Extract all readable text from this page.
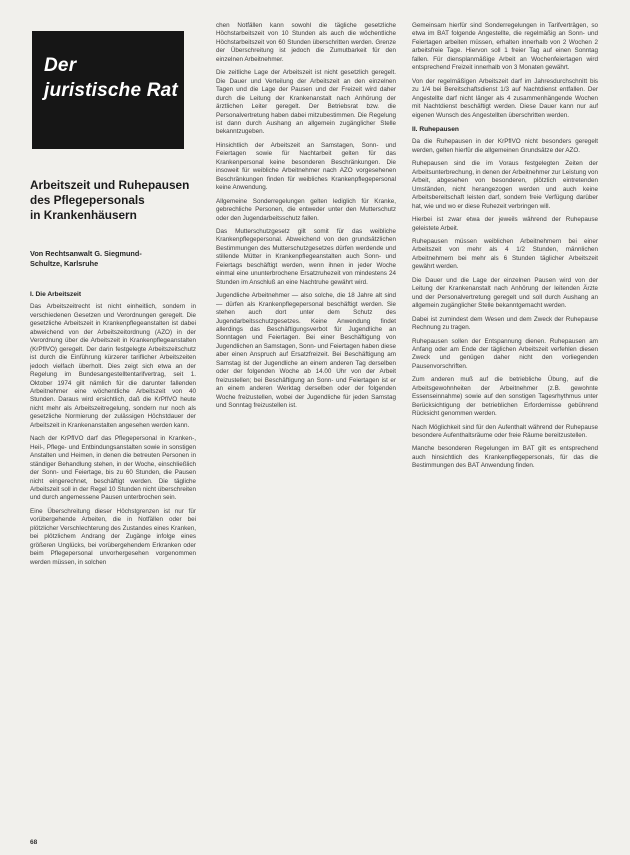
Der
juristische Rat
Arbeitszeit und Ruhepausen
des Pflegepersonals
in Krankenhäusern
Von Rechtsanwalt G. Siegmund-
Schultze, Karlsruhe
I. Die Arbeitszeit

Das Arbeitszeitrecht ist nicht einheitlich, sondern in verschiedenen Gesetzen und Verordnungen geregelt. Die gesetzliche Arbeitszeit in Krankenpflegeanstalten ist dabei abweichend von der Arbeitszeitordnung (AZO) in der Verordnung über die Arbeitszeit in Krankenpflegeanstalten (KrPflVO) geregelt. Der darin festgelegte Arbeitszeitschutz ist durch die Einführung kürzerer tariflicher Arbeitszeiten jedoch vielfach überholt. Dies zeigt sich etwa an der Regelung im Bundesangestelltentarifvertrag, seit 1. Oktober 1974 gilt nämlich für die darunter fallenden Arbeitnehmer eine wöchentliche Arbeitszeit von 40 Stunden. Daraus wird ersichtlich, daß die KrPflVO heute nicht mehr als Arbeitszeitregelung, sondern nur noch als gesetzliche Normierung der zulässigen Höchstdauer der Arbeitszeit in Krankenanstalten angesehen werden kann.

Nach der KrPflVO darf das Pflegepersonal in Kranken-, Heil-, Pflege- und Entbindungsanstalten sowie in sonstigen Anstalten und Heimen, in denen die betreuten Personen in ständiger Behandlung stehen, in der Woche, einschließlich der Sonn- und Feiertage, bis zu 60 Stunden, die Pausen nicht eingerechnet, beschäftigt werden. Die tägliche Arbeitszeit soll in der Regel 10 Stunden nicht überschreiten und durch angemessene Pausen unterbrochen sein.

Eine Überschreitung dieser Höchstgrenzen ist nur für vorübergehende Arbeiten, die in Notfällen oder bei plötzlicher Verschlechterung des Zustandes eines Kranken, bei plötzlichem Andrang der Zugänge infolge eines größeren Unglücks, bei vorübergehendem Erkranken oder beim Pflegepersonal unvorhergesehen vorgenommen werden müssen, in solchen

chen Notfällen kann sowohl die tägliche gesetzliche Höchstarbeitszeit von 10 Stunden als auch die wöchentliche Höchstarbeitszeit von 60 Stunden überschritten werden. Grenze der Überschreitung ist jedoch die Zumutbarkeit für den einzelnen Arbeitnehmer.

Die zeitliche Lage der Arbeitszeit ist nicht gesetzlich geregelt. Die Dauer und Verteilung der Arbeitszeit an den einzelnen Tagen und die Lage der Pausen und der Freizeit wird daher durch die Leitung der Krankenanstalt nach Anhörung der ärztlichen Leiter geregelt. Der Betriebsrat bzw. die Personalvertretung haben dabei mitzubestimmen. Die Regelung ist dann durch Aushang an allgemein zugänglicher Stelle bekanntzugeben.

Hinsichtlich der Arbeitszeit an Samstagen, Sonn- und Feiertagen sowie für Nachtarbeit gelten für das Krankenpersonal keine besonderen Beschränkungen. Die insoweit für weibliche Arbeitnehmer nach AZO vorgesehenen Beschränkungen finden für weibliches Krankenpflegepersonal keine Anwendung.

Allgemeine Sonderregelungen gelten lediglich für Kranke, gebrechliche Personen, die entweder unter den Mutterschutz oder den Jugendarbeitsschutz fallen.

Das Mutterschutzgesetz gilt somit für das weibliche Krankenpflegepersonal. Abweichend von den grundsätzlichen Bestimmungen des Mutterschutzgesetzes dürfen werdende und stillende Mütter in Krankenpflegeanstalten auch Sonn- und Feiertags beschäftigt werden, wenn ihnen in jeder Woche einmal eine ununterbrochene Ersatzruhezeit von mindestens 24 Stunden im Anschluß an eine Nachtruhe gewährt wird.

Jugendliche Arbeitnehmer — also solche, die 18 Jahre alt sind — dürfen als Krankenpflegepersonal beschäftigt werden. Sie stehen auch dort unter dem Schutz des Jugendarbeitsschutzgesetzes. Keine Anwendung findet allerdings das Beschäftigungsverbot für Jugendliche an Sonntagen und Feiertagen. Bei einer Beschäftigung von Jugendlichen an Samstagen, Sonn- und Feiertagen haben diese aber einen Anspruch auf Ersatzfreizeit. Bei Beschäftigung am Samstag ist der Jugendliche an einem anderen Tag derselben oder der folgenden Woche ab 14.00 Uhr von der Arbeit freizustellen; bei Beschäftigung an Sonn- und Feiertagen ist er an einem anderen Werktag derselben oder der folgenden Woche freizustellen, wobei der Jugendliche für jeden Samstag und Sonntag freizustellen ist.

Gemeinsam hierfür sind Sonderregelungen in Tarifverträgen, so etwa im BAT folgende Angestellte, die regelmäßig an Sonn- und Feiertagen arbeiten müssen, erhalten innerhalb von 2 Wochen 2 arbeitsfreie Tage. Hiervon soll 1 freier Tag auf einen Sonntag fallen. Für diensplanmäßige Arbeit an Wochenfeiertagen wird entsprechend Freizeit innerhalb von 3 Monaten gewährt.

Von der regelmäßigen Arbeitszeit darf im Jahresdurchschnitt bis zu 1/4 bei Bereitschaftsdienst 1/3 auf Nachtdienst entfallen. Der Angestellte darf nicht länger als 4 zusammenhängende Wochen mit Nachtdienst beschäftigt werden. Diese Dauer kann nur auf eigenen Wunsch des Angestellten überschritten werden.

II. Ruhepausen

Da die Ruhepausen in der KrPflVO nicht besonders geregelt werden, gelten hierfür die allgemeinen Grundsätze der AZO.

Ruhepausen sind die im Voraus festgelegten Zeiten der Arbeitsunterbrechung, in denen der Arbeitnehmer zur Leistung von Arbeit, abgesehen von besonderen, plötzlich eintretenden Umständen, nicht herangezogen werden und auch keine Arbeitsbereitschaft leisten darf, sondern freie Verfügung darüber hat, wie und wo er diese Ruhezeit verbringen will.

Hierbei ist zwar etwa der jeweils während der Ruhepause geleistete Arbeit.

Ruhepausen müssen weiblichen Arbeitnehmern bei einer Arbeitszeit von mehr als 4 1/2 Stunden, männlichen Arbeitnehmern bei mehr als 6 Stunden täglicher Arbeitszeit gewährt werden.

Die Dauer und die Lage der einzelnen Pausen wird von der Leitung der Krankenanstalt nach Anhörung der leitenden Ärzte und der Personalvertretung geregelt und soll durch Aushang an allgemein zugänglicher Stelle bekanntgemacht werden.

Dabei ist zumindest dem Wesen und dem Zweck der Ruhepause Rechnung zu tragen.

Ruhepausen sollen der Entspannung dienen. Ruhepausen am Anfang oder am Ende der täglichen Arbeitszeit verfehlen diesen Zweck und genügen daher nicht den vorliegenden Pausenvorschriften.

Zum anderen muß auf die betriebliche Übung, auf die Arbeitsgewohnheiten der Arbeitnehmer (z.B. gewohnte Essenseinnahme) sowie auf den sonstigen Tagesrhythmus unter Berücksichtigung der betrieblichen Erfordernisse gebührend Rücksicht genommen werden.

Nach Möglichkeit sind für den Aufenthalt während der Ruhepause besondere Aufenthaltsräume oder freie Räume bereitzustellen.

Manche besonderen Regelungen im BAT gilt es entsprechend auch hinsichtlich des Krankenpflegepersonals, für das die Bestimmungen des BAT Anwendung finden.

68
